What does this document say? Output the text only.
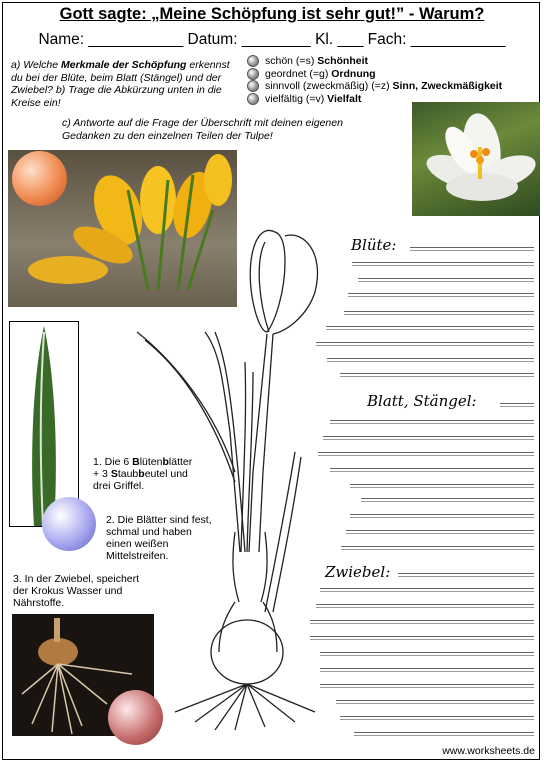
Gott sagte: „Meine Schöpfung ist sehr gut!” - Warum?
Name: ___________ Datum: ________ Kl. ___ Fach: ___________
a) Welche Merkmale der Schöpfung erkennst du bei der Blüte, beim Blatt (Stängel) und der Zwiebel? b) Trage die Abkürzung unten in die Kreise ein!
schön (=s) Schönheit
geordnet (=g) Ordnung
sinnvoll (zweckmäßig) (=z) Sinn, Zweckmäßigkeit
vielfältig (=v) Vielfalt
c) Antworte auf die Frage der Überschrift mit deinen eigenen Gedanken zu den einzelnen Teilen der Tulpe!
Blüte:
Blatt, Stängel:
Zwiebel:
1. Die 6 Blütenblätter
+ 3 Staubbeutel und
drei Griffel.
2. Die Blätter sind fest, schmal und haben einen weißen Mittelstreifen.
3. In der Zwiebel, speichert der Krokus Wasser und Nährstoffe.
www.worksheets.de
